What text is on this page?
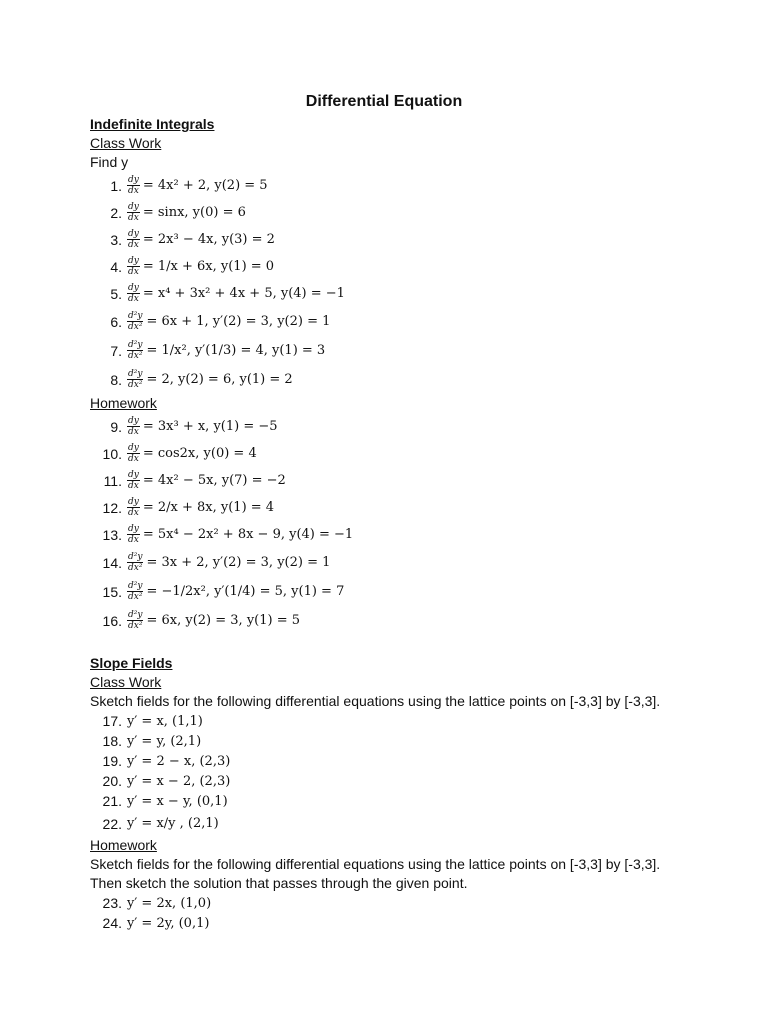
Differential Equation
Indefinite Integrals
Class Work
Find y
1. $\frac{dy}{dx} = 4x^2 + 2$, y(2) = 5
2. $\frac{dy}{dx} = \sin x$, y(0) = 6
3. $\frac{dy}{dx} = 2x^3 - 4x$, y(3) = 2
4. $\frac{dy}{dx} = 1/x + 6x$, y(1) = 0
5. $\frac{dy}{dx} = x^4 + 3x^2 + 4x + 5$, y(4) = −1
6. $\frac{\text{d²y}}{\text{dx²}} = 6x + 1$, y′(2) = 3, y(2) = 1
7. $\frac{\text{d²y}}{\text{dx²}} = 1/x^2$, y′(1/3) = 4, y(1) = 3
8. $\frac{\text{d²y}}{\text{dx²}} = 2$, y(2) = 6, y(1) = 2
Homework
9. $\frac{dy}{dx} = 3x^3 + x$, y(1) = −5
10. $\frac{dy}{dx} = \cos 2x$, y(0) = 4
11. $\frac{dy}{dx} = 4x^2 - 5x$, y(7) = −2
12. $\frac{dy}{dx} = 2/x + 8x$, y(1) = 4
13. $\frac{dy}{dx} = 5x^4 - 2x^2 + 8x - 9$, y(4) = −1
14. $\frac{\text{d²y}}{\text{dx²}} = 3x + 2$, y′(2) = 3, y(2) = 1
15. $\frac{\text{d²y}}{\text{dx²}} = -1/2x^2$, y′(1/4) = 5, y(1) = 7
16. $\frac{\text{d²y}}{\text{dx²}} = 6x$, y(2) = 3, y(1) = 5
Slope Fields
Class Work
Sketch fields for the following differential equations using the lattice points on [-3,3] by [-3,3].
17. y′ = x, (1,1)
18. y′ = y, (2,1)
19. y′ = 2 − x, (2,3)
20. y′ = x − 2, (2,3)
21. y′ = x − y, (0,1)
22. y′ = x/y , (2,1)
Homework
Sketch fields for the following differential equations using the lattice points on [-3,3] by [-3,3].
Then sketch the solution that passes through the given point.
23. y′ = 2x, (1,0)
24. y′ = 2y, (0,1)
